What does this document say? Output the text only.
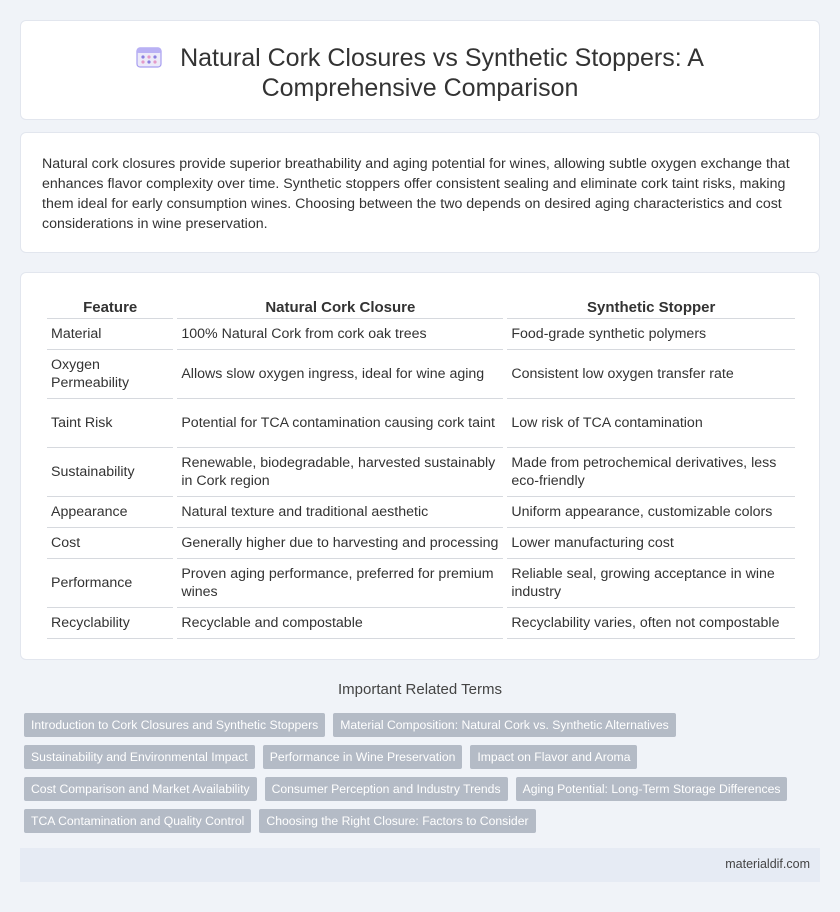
Natural Cork Closures vs Synthetic Stoppers: A Comprehensive Comparison

Natural cork closures provide superior breathability and aging potential for wines, allowing subtle oxygen exchange that enhances flavor complexity over time. Synthetic stoppers offer consistent sealing and eliminate cork taint risks, making them ideal for early consumption wines. Choosing between the two depends on desired aging characteristics and cost considerations in wine preservation.

Feature	Natural Cork Closure	Synthetic Stopper
Material	100% Natural Cork from cork oak trees	Food-grade synthetic polymers
Oxygen Permeability	Allows slow oxygen ingress, ideal for wine aging	Consistent low oxygen transfer rate
Taint Risk	Potential for TCA contamination causing cork taint	Low risk of TCA contamination
Sustainability	Renewable, biodegradable, harvested sustainably in Cork region	Made from petrochemical derivatives, less eco-friendly
Appearance	Natural texture and traditional aesthetic	Uniform appearance, customizable colors
Cost	Generally higher due to harvesting and processing	Lower manufacturing cost
Performance	Proven aging performance, preferred for premium wines	Reliable seal, growing acceptance in wine industry
Recyclability	Recyclable and compostable	Recyclability varies, often not compostable
Important Related Terms
Introduction to Cork Closures and Synthetic Stoppers	Material Composition: Natural Cork vs. Synthetic Alternatives
Sustainability and Environmental Impact	Performance in Wine Preservation	Impact on Flavor and Aroma
Cost Comparison and Market Availability	Consumer Perception and Industry Trends	Aging Potential: Long-Term Storage Differences
TCA Contamination and Quality Control	Choosing the Right Closure: Factors to Consider
materialdif.com
